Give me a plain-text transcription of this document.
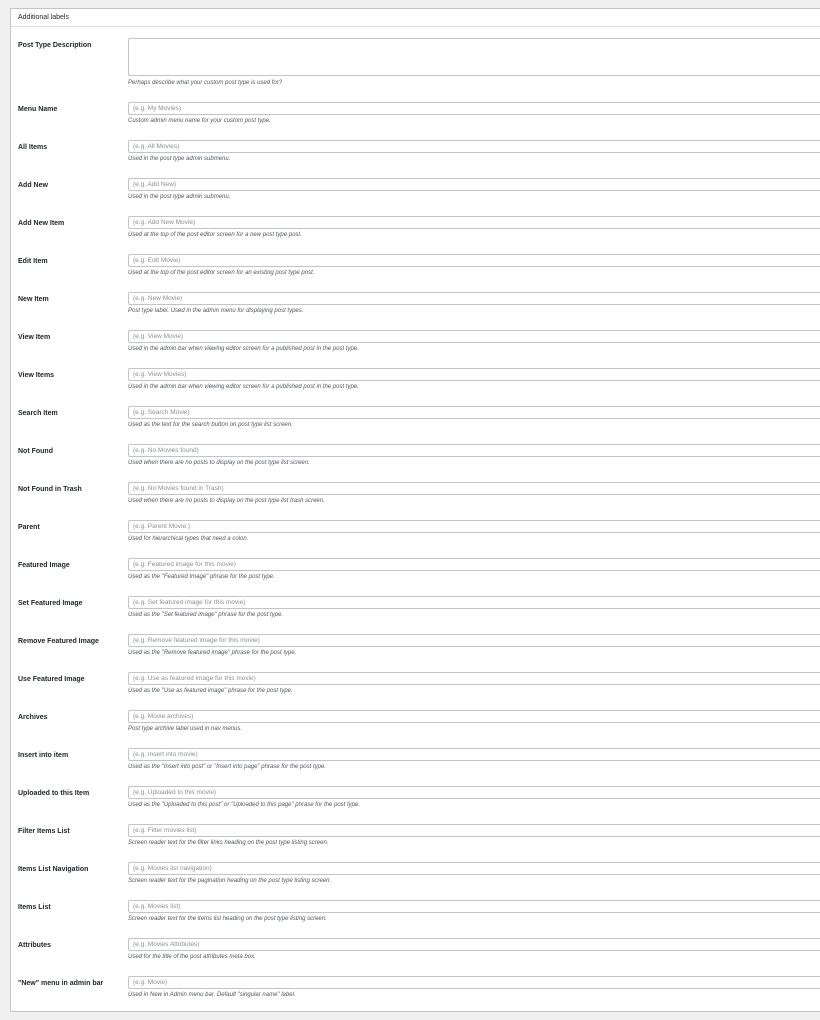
Additional labels
Post Type Description
Perhaps describe what your custom post type is used for?
Menu Name
(e.g. My Movies)
Custom admin menu name for your custom post type.
All Items
(e.g. All Movies)
Used in the post type admin submenu.
Add New
(e.g. Add New)
Used in the post type admin submenu.
Add New Item
(e.g. Add New Movie)
Used at the top of the post editor screen for a new post type post.
Edit Item
(e.g. Edit Movie)
Used at the top of the post editor screen for an existing post type post.
New Item
(e.g. New Movie)
Post type label. Used in the admin menu for displaying post types.
View Item
(e.g. View Movie)
Used in the admin bar when viewing editor screen for a published post in the post type.
View Items
(e.g. View Movies)
Used in the admin bar when viewing editor screen for a published post in the post type.
Search Item
(e.g. Search Movie)
Used as the text for the search button on post type list screen.
Not Found
(e.g. No Movies found)
Used when there are no posts to display on the post type list screen.
Not Found in Trash
(e.g. No Movies found in Trash)
Used when there are no posts to display on the post type list trash screen.
Parent
(e.g. Parent Movie:)
Used for hierarchical types that need a colon.
Featured Image
(e.g. Featured image for this movie)
Used as the "Featured Image" phrase for the post type.
Set Featured Image
(e.g. Set featured image for this movie)
Used as the "Set featured image" phrase for the post type.
Remove Featured Image
(e.g. Remove featured image for this movie)
Used as the "Remove featured image" phrase for the post type.
Use Featured Image
(e.g. Use as featured image for this movie)
Used as the "Use as featured image" phrase for the post type.
Archives
(e.g. Movie archives)
Post type archive label used in nav menus.
Insert into item
(e.g. Insert into movie)
Used as the "Insert into post" or "Insert into page" phrase for the post type.
Uploaded to this Item
(e.g. Uploaded to this movie)
Used as the "Uploaded to this post" or "Uploaded to this page" phrase for the post type.
Filter Items List
(e.g. Filter movies list)
Screen reader text for the filter links heading on the post type listing screen.
Items List Navigation
(e.g. Movies list navigation)
Screen reader text for the pagination heading on the post type listing screen.
Items List
(e.g. Movies list)
Screen reader text for the items list heading on the post type listing screen.
Attributes
(e.g. Movies Attributes)
Used for the title of the post attributes meta box.
"New" menu in admin bar
(e.g. Movie)
Used in New in Admin menu bar. Default "singular name" label.
